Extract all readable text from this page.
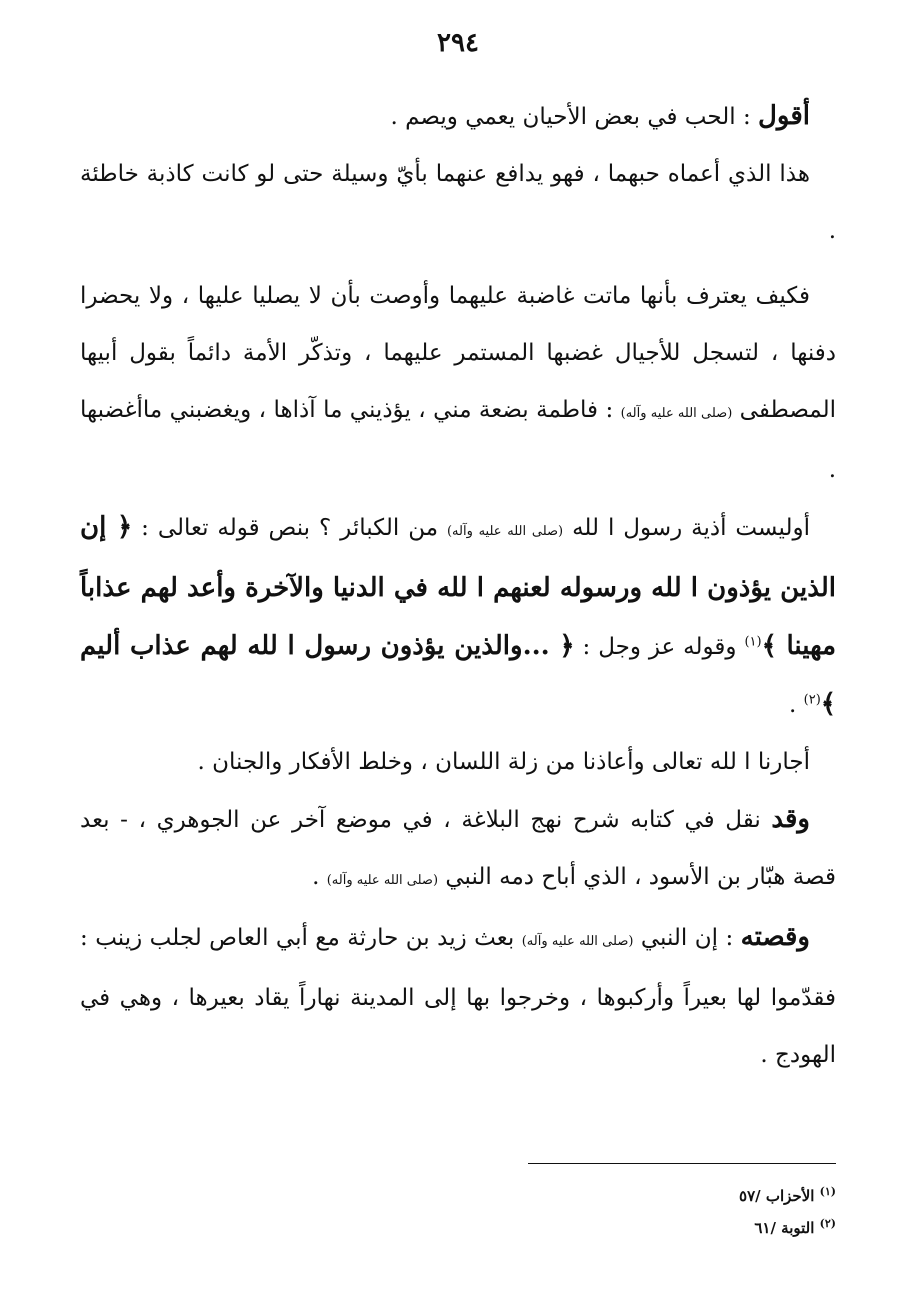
٢٩٤

أقول : الحب في بعض الأحيان يعمي ويصم .

هذا الذي أعماه حبهما ، فهو يدافع عنهما بأيّ وسيلة حتى لو كانت كاذبة خاطئة .

فكيف يعترف بأنها ماتت غاضبة عليهما وأوصت بأن لا يصليا عليها ، ولا يحضرا دفنها ، لتسجل للأجيال غضبها المستمر عليهما ، وتذكّر الأمة دائماً بقول أبيها المصطفى (صلى الله عليه وآله) : فاطمة بضعة مني ، يؤذيني ما آذاها ، ويغضبني ماأغضبها .

أوليست أذية رسول ا لله (صلى الله عليه وآله) من الكبائر ؟ بنص قوله تعالى : ﴿ إن الذين يؤذون ا لله ورسوله لعنهم ا لله في الدنيا والآخرة وأعد لهم عذاباً مهينا ﴾$^{(١)}$ وقوله عز وجل : ﴿ ...والذين يؤذون رسول ا لله لهم عذاب أليم ﴾$^{(٢)}$ .

أجارنا ا لله تعالى وأعاذنا من زلة اللسان ، وخلط الأفكار والجنان .

وقد نقل في كتابه شرح نهج البلاغة ، في موضع آخر عن الجوهري ، - بعد قصة هبّار بن الأسود ، الذي أباح دمه النبي (صلى الله عليه وآله) .

وقصته : إن النبي (صلى الله عليه وآله) بعث زيد بن حارثة مع أبي العاص لجلب زينب : فقدّموا لها بعيراً وأركبوها ، وخرجوا بها إلى المدينة نهاراً يقاد بعيرها ، وهي في الهودج .

$^{(١)}$ الأحزاب /٥٧
$^{(٢)}$ التوبة /٦١
